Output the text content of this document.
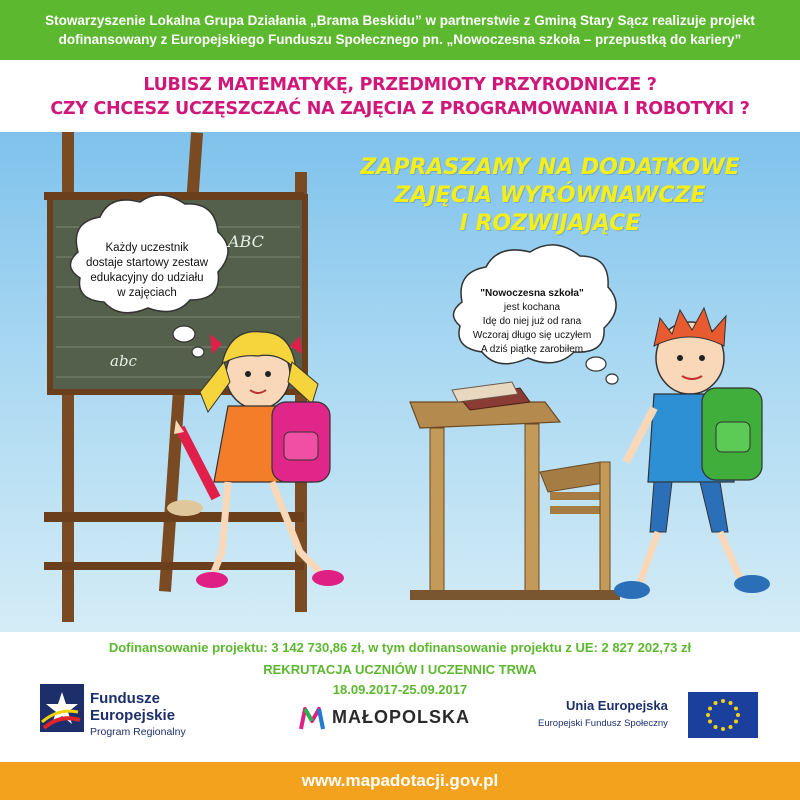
Stowarzyszenie Lokalna Grupa Działania „Brama Beskidu” w partnerstwie z Gminą Stary Sącz realizuje projekt
dofinansowany z Europejskiego Funduszu Społecznego pn. „Nowoczesna szkoła – przepustką do kariery”
LUBISZ MATEMATYKĘ, PRZEDMIOTY PRZYRODNICZE ?
CZY CHCESZ UCZĘSZCZAĆ NA ZAJĘCIA Z PROGRAMOWANIA I ROBOTYKI ?
ZAPRASZAMY NA DODATKOWE
ZAJĘCIA WYRÓWNAWCZE
I ROZWIJAJĄCE
ABC
abc
Każdy uczestnik
dostaje startowy zestaw
edukacyjny do udziału
w zajęciach	"Nowoczesna szkoła"
jest kochana
Idę do niej już od rana
Wczoraj długo się uczyłem
A dziś piątkę zarobiłem
Dofinansowanie projektu: 3 142 730,86 zł, w tym dofinansowanie projektu z UE: 2 827 202,73 zł
REKRUTACJA UCZNIÓW I UCZENNIC TRWA
18.09.2017-25.09.2017
Fundusze
Europejskie
Program Regionalny
MAŁOPOLSKA
Unia Europejska
Europejski Fundusz Społeczny
www.mapadotacji.gov.pl
